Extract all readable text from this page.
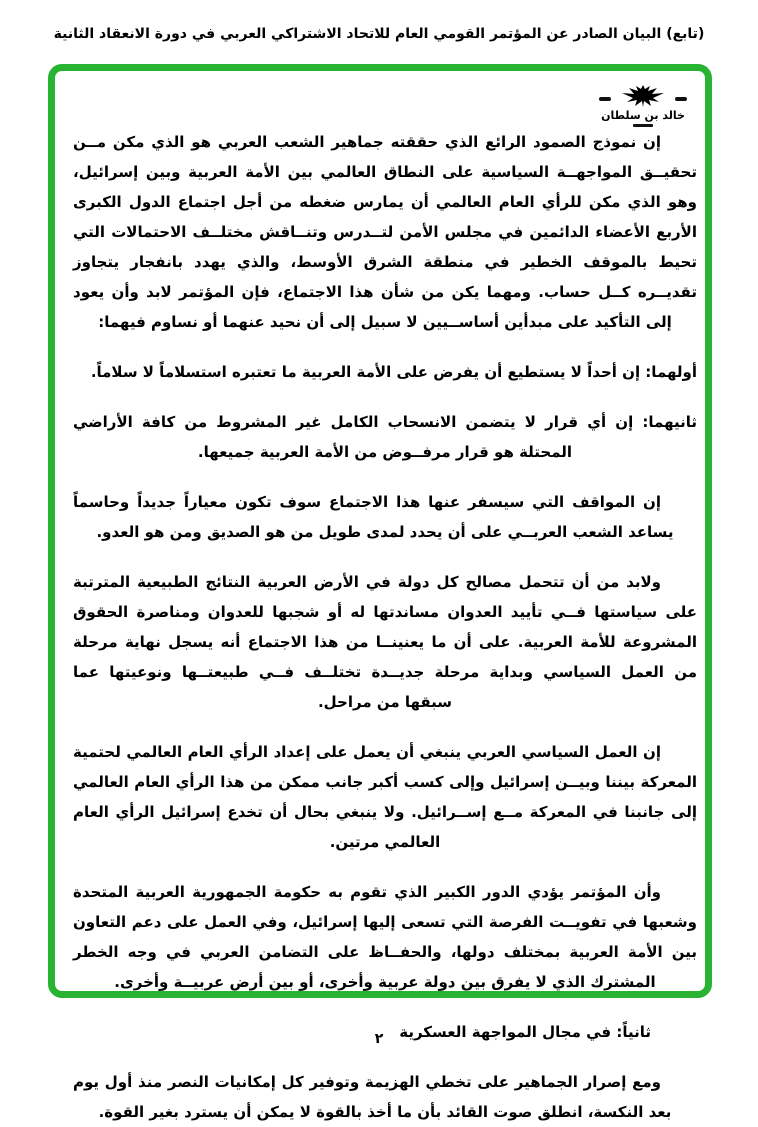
(تابع) البيان الصادر عن المؤتمر القومي العام للاتحاد الاشتراكي العربي في دورة الانعقاد الثانية
خالد بن سلطان

إن نموذج الصمود الرائع الذي حققته جماهير الشعب العربي هو الذي مكن مــن تحقيــق المواجهــة السياسية على النطاق العالمي بين الأمة العربية وبين إسرائيل، وهو الذي مكن للرأي العام العالمي أن يمارس ضغطه من أجل اجتماع الدول الكبرى الأربع الأعضاء الدائمين في مجلس الأمن لتــدرس وتنــاقش مختلــف الاحتمالات التي تحيط بالموقف الخطير في منطقة الشرق الأوسط، والذي يهدد بانفجار يتجاوز تقديــره كــل حساب. ومهما يكن من شأن هذا الاجتماع، فإن المؤتمر لابد وأن يعود إلى التأكيد على مبدأين أساســيين لا سبيل إلى أن نحيد عنهما أو نساوم فيهما:

أولهما: إن أحداً لا يستطيع أن يفرض على الأمة العربية ما تعتبره استسلاماً لا سلاماً.

ثانيهما: إن أي قرار لا يتضمن الانسحاب الكامل غير المشروط من كافة الأراضي المحتلة هو قرار مرفــوض من الأمة العربية جميعها.

إن المواقف التي سيسفر عنها هذا الاجتماع سوف تكون معياراً جديداً وحاسماً يساعد الشعب العربــي على أن يحدد لمدى طويل من هو الصديق ومن هو العدو.

ولابد من أن تتحمل مصالح كل دولة في الأرض العربية النتائج الطبيعية المترتبة على سياستها فــي تأييد العدوان مساندتها له أو شجبها للعدوان ومناصرة الحقوق المشروعة للأمة العربية. على أن ما يعنينــا من هذا الاجتماع أنه يسجل نهاية مرحلة من العمل السياسي وبداية مرحلة جديــدة تختلــف فــي طبيعتــها ونوعيتها عما سبقها من مراحل.

إن العمل السياسي العربي ينبغي أن يعمل على إعداد الرأي العام العالمي لحتمية المعركة بيننا وبيــن إسرائيل وإلى كسب أكبر جانب ممكن من هذا الرأي العام العالمي إلى جانبنا في المعركة مــع إســرائيل. ولا ينبغي بحال أن تخدع إسرائيل الرأي العام العالمي مرتين.

وأن المؤتمر يؤدي الدور الكبير الذي تقوم به حكومة الجمهورية العربية المتحدة وشعبها في تفويــت الفرصة التي تسعى إليها إسرائيل، وفي العمل على دعم التعاون بين الأمة العربية بمختلف دولها، والحفــاظ على التضامن العربي في وجه الخطر المشترك الذي لا يفرق بين دولة عربية وأخرى، أو بين أرض عربيــة وأخرى.

ثانياً: في مجال المواجهة العسكرية

ومع إصرار الجماهير على تخطي الهزيمة وتوفير كل إمكانيات النصر منذ أول يوم بعد النكسة، انطلق صوت القائد بأن ما أخذ بالقوة لا يمكن أن يسترد بغير القوة.

٢
